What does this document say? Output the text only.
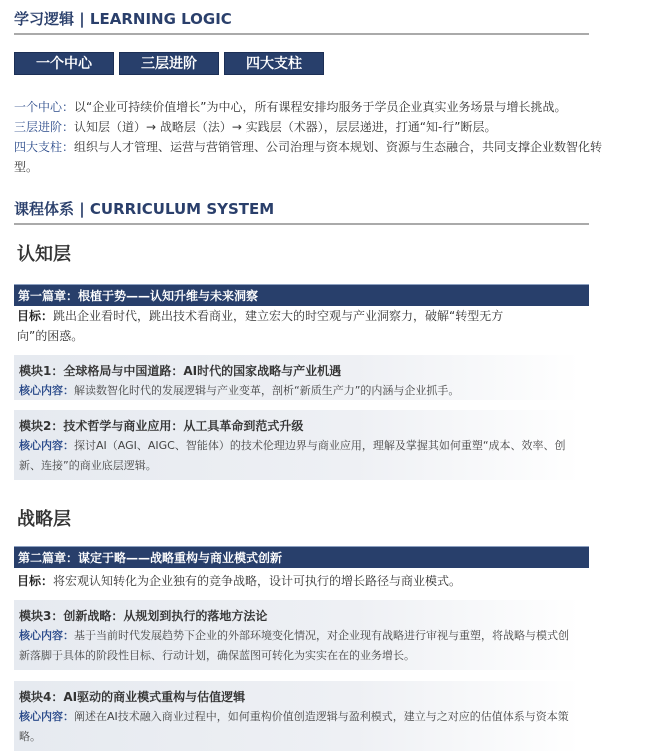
学习逻辑 | LEARNING LOGIC
一个中心	三层进阶	四大支柱
一个中心：以“企业可持续价值增长”为中心，所有课程安排均服务于学员企业真实业务场景与增长挑战。
三层进阶：认知层（道）→ 战略层（法）→ 实践层（术器），层层递进，打通“知-行”断层。
四大支柱：组织与人才管理、运营与营销管理、公司治理与资本规划、资源与生态融合，共同支撑企业数智化转型。
课程体系 | CURRICULUM SYSTEM
认知层
第一篇章：根植于势——认知升维与未来洞察
目标：跳出企业看时代，跳出技术看商业，建立宏大的时空观与产业洞察力，破解“转型无方向”的困惑。
模块1：全球格局与中国道路：AI时代的国家战略与产业机遇
核心内容：解读数智化时代的发展逻辑与产业变革，剖析“新质生产力”的内涵与企业抓手。
模块2：技术哲学与商业应用：从工具革命到范式升级
核心内容：探讨AI（AGI、AIGC、智能体）的技术伦理边界与商业应用，理解及掌握其如何重塑“成本、效率、创新、连接”的商业底层逻辑。
战略层
第二篇章：谋定于略——战略重构与商业模式创新
目标：将宏观认知转化为企业独有的竞争战略，设计可执行的增长路径与商业模式。
模块3：创新战略：从规划到执行的落地方法论
核心内容：基于当前时代发展趋势下企业的外部环境变化情况，对企业现有战略进行审视与重塑，将战略与模式创新落脚于具体的阶段性目标、行动计划，确保蓝图可转化为实实在在的业务增长。
模块4：AI驱动的商业模式重构与估值逻辑
核心内容：阐述在AI技术融入商业过程中，如何重构价值创造逻辑与盈利模式，建立与之对应的估值体系与资本策略。
